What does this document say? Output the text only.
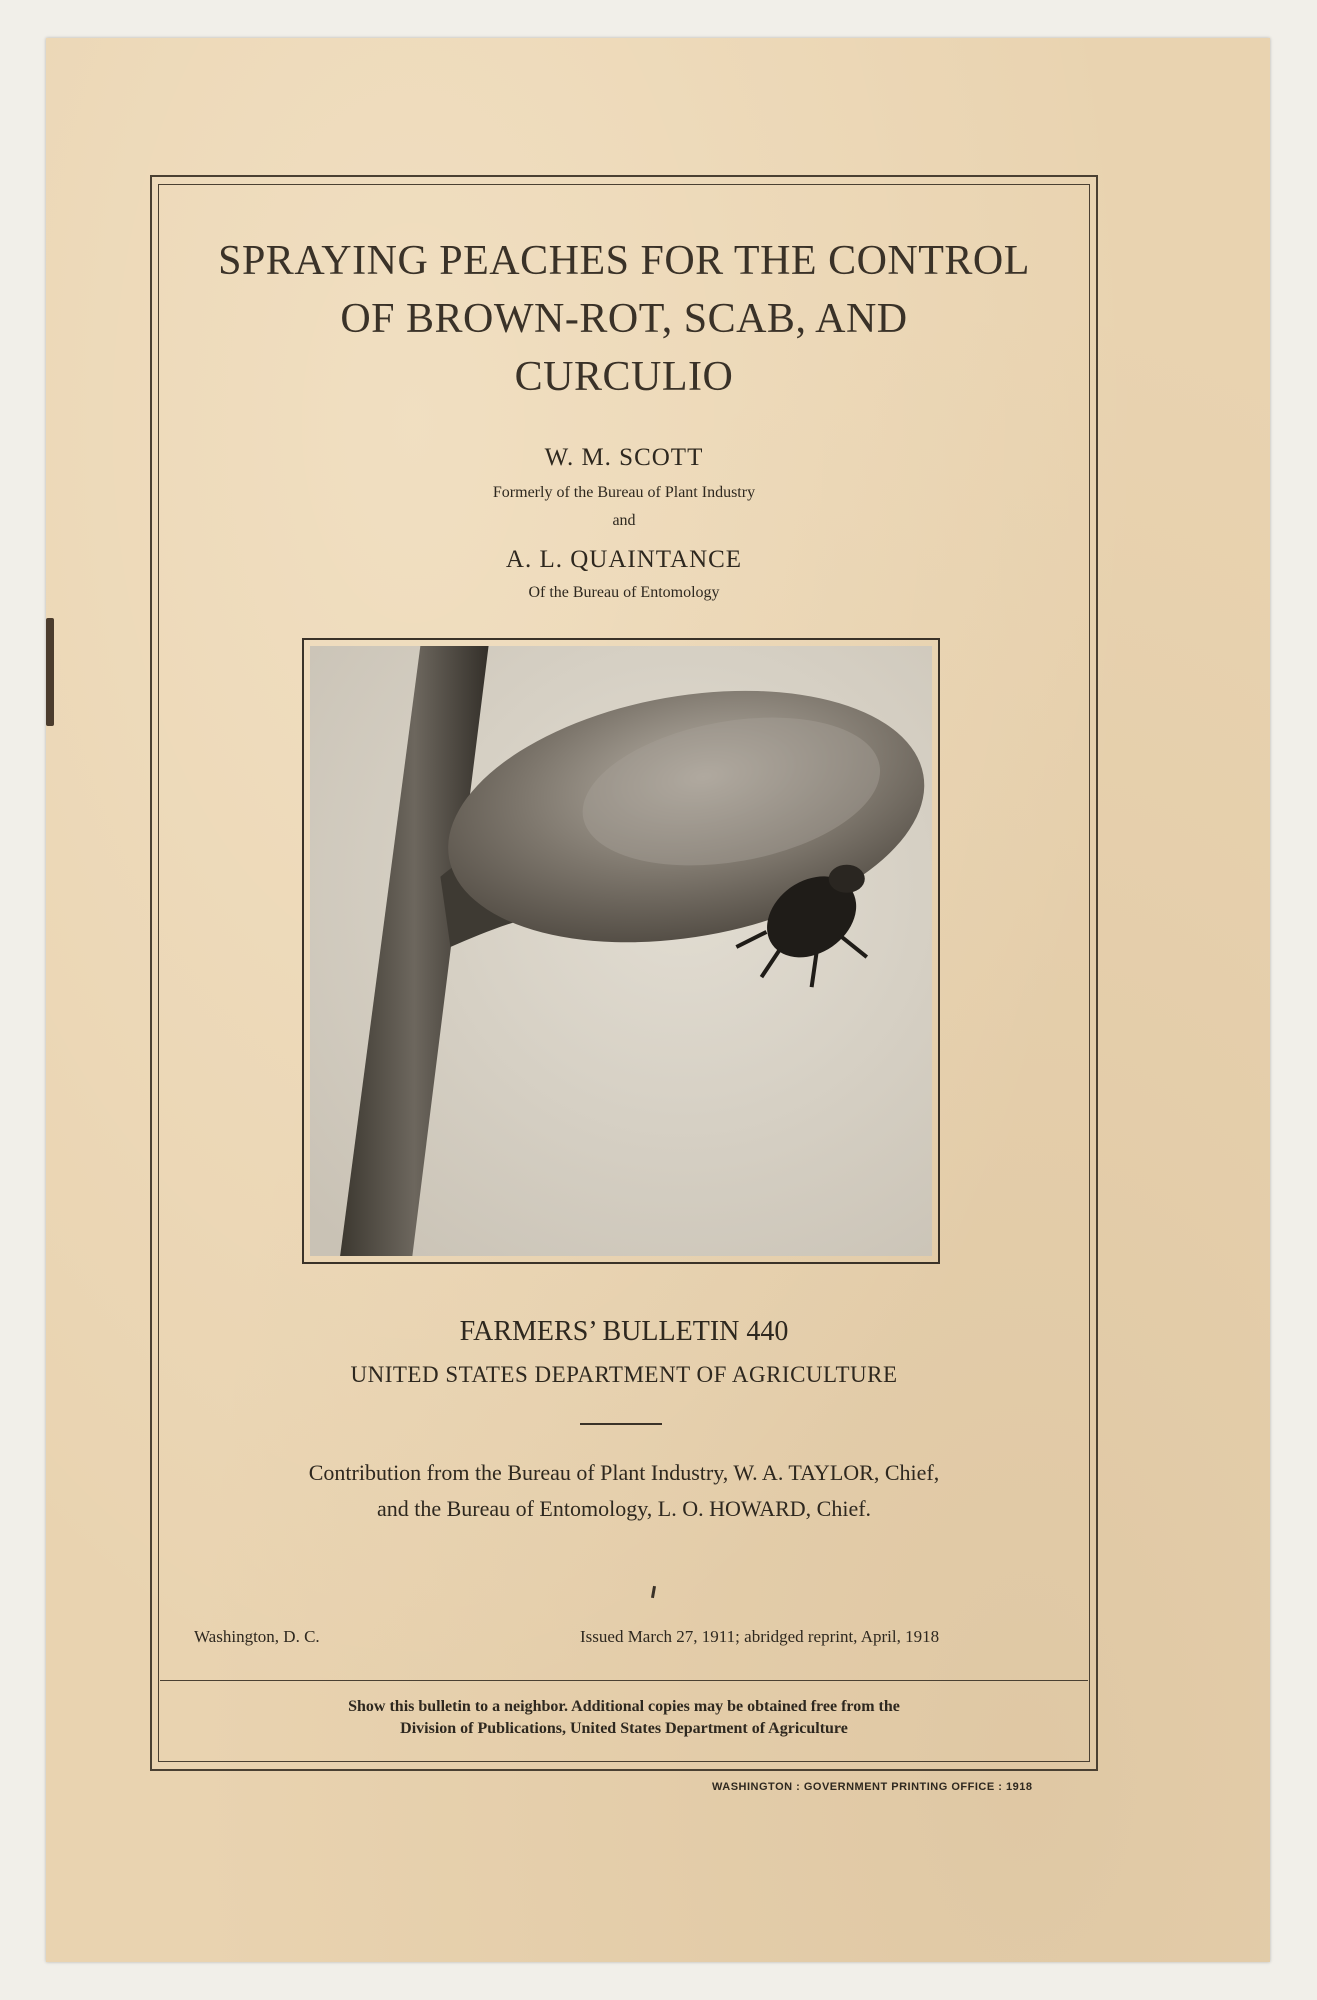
SPRAYING PEACHES FOR THE CONTROL
OF BROWN-ROT, SCAB, AND
CURCULIO
W. M. SCOTT
Formerly of the Bureau of Plant Industry
and
A. L. QUAINTANCE
Of the Bureau of Entomology
FARMERS’ BULLETIN 440
UNITED STATES DEPARTMENT OF AGRICULTURE
Contribution from the Bureau of Plant Industry, W. A. TAYLOR, Chief,
and the Bureau of Entomology, L. O. HOWARD, Chief.
Washington, D. C.	Issued March 27, 1911; abridged reprint, April, 1918
Show this bulletin to a neighbor. Additional copies may be obtained free from the
Division of Publications, United States Department of Agriculture
WASHINGTON : GOVERNMENT PRINTING OFFICE : 1918
